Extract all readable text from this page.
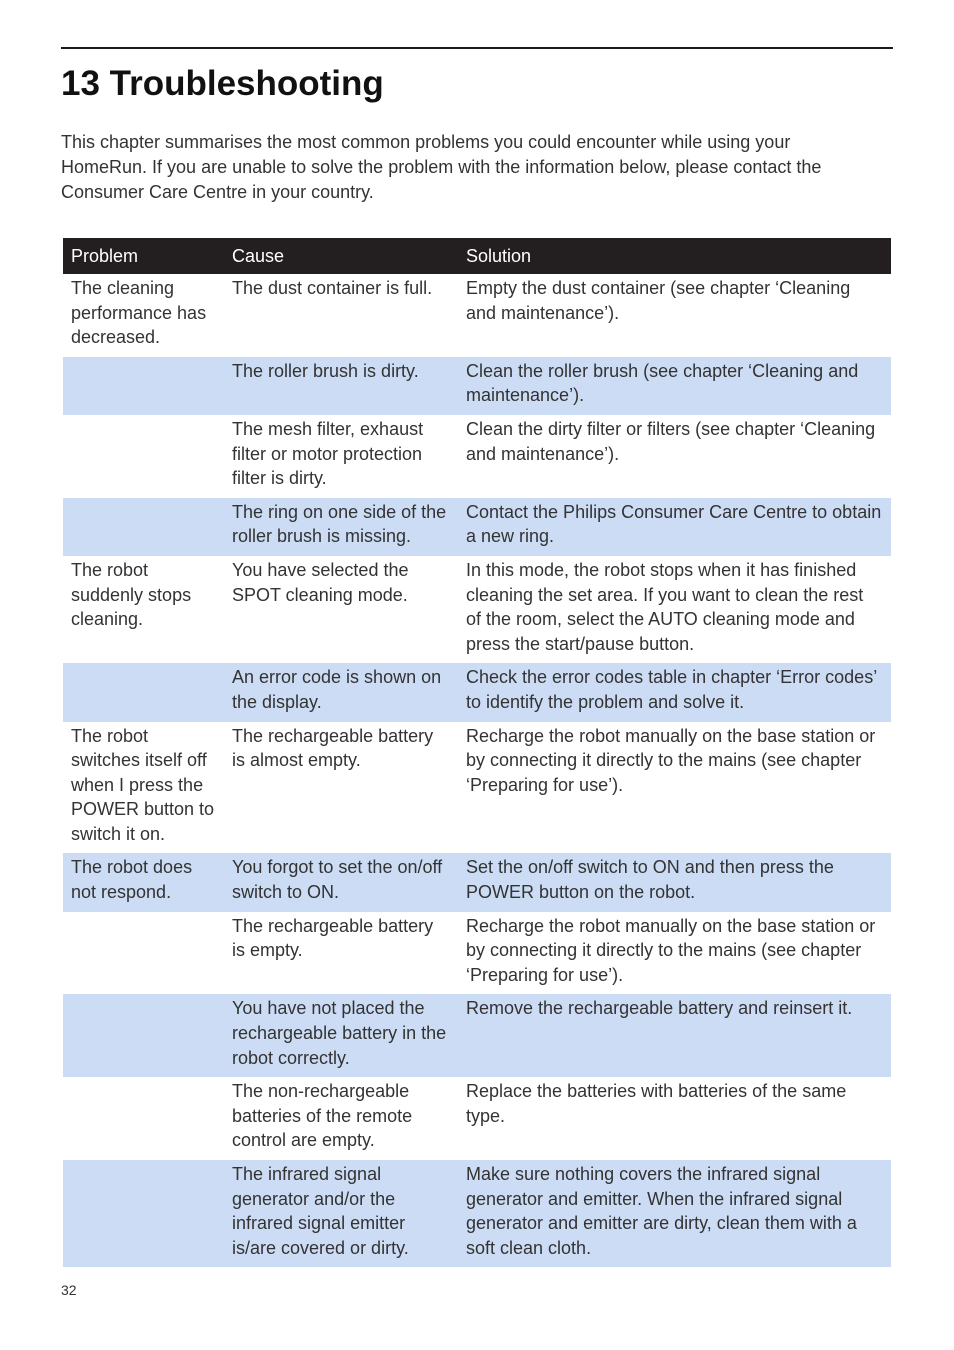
13 Troubleshooting

This chapter summarises the most common problems you could encounter while using your HomeRun. If you are unable to solve the problem with the information below, please contact the Consumer Care Centre in your country.

Problem	Cause	Solution
The cleaning performance has decreased.	The dust container is full.	Empty the dust container (see chapter ‘Cleaning and maintenance’).
	The roller brush is dirty.	Clean the roller brush (see chapter ‘Cleaning and maintenance’).
	The mesh filter, exhaust filter or motor protection filter is dirty.	Clean the dirty filter or filters (see chapter ‘Cleaning and maintenance’).
	The ring on one side of the roller brush is missing.	Contact the Philips Consumer Care Centre to obtain a new ring.
The robot suddenly stops cleaning.	You have selected the SPOT cleaning mode.	In this mode, the robot stops when it has finished cleaning the set area. If you want to clean the rest of the room, select the AUTO cleaning mode and press the start/pause button.
	An error code is shown on the display.	Check the error codes table in chapter ‘Error codes’ to identify the problem and solve it.
The robot switches itself off when I press the POWER button to switch it on.	The rechargeable battery is almost empty.	Recharge the robot manually on the base station or by connecting it directly to the mains (see chapter ‘Preparing for use’).
The robot does not respond.	You forgot to set the on/off switch to ON.	Set the on/off switch to ON and then press the POWER button on the robot.
	The rechargeable battery is empty.	Recharge the robot manually on the base station or by connecting it directly to the mains (see chapter ‘Preparing for use’).
	You have not placed the rechargeable battery in the robot correctly.	Remove the rechargeable battery and reinsert it.
	The non-rechargeable batteries of the remote control are empty.	Replace the batteries with batteries of the same type.
	The infrared signal generator and/or the infrared signal emitter is/are covered or dirty.	Make sure nothing covers the infrared signal generator and emitter. When the infrared signal generator and emitter are dirty, clean them with a soft clean cloth.
32
